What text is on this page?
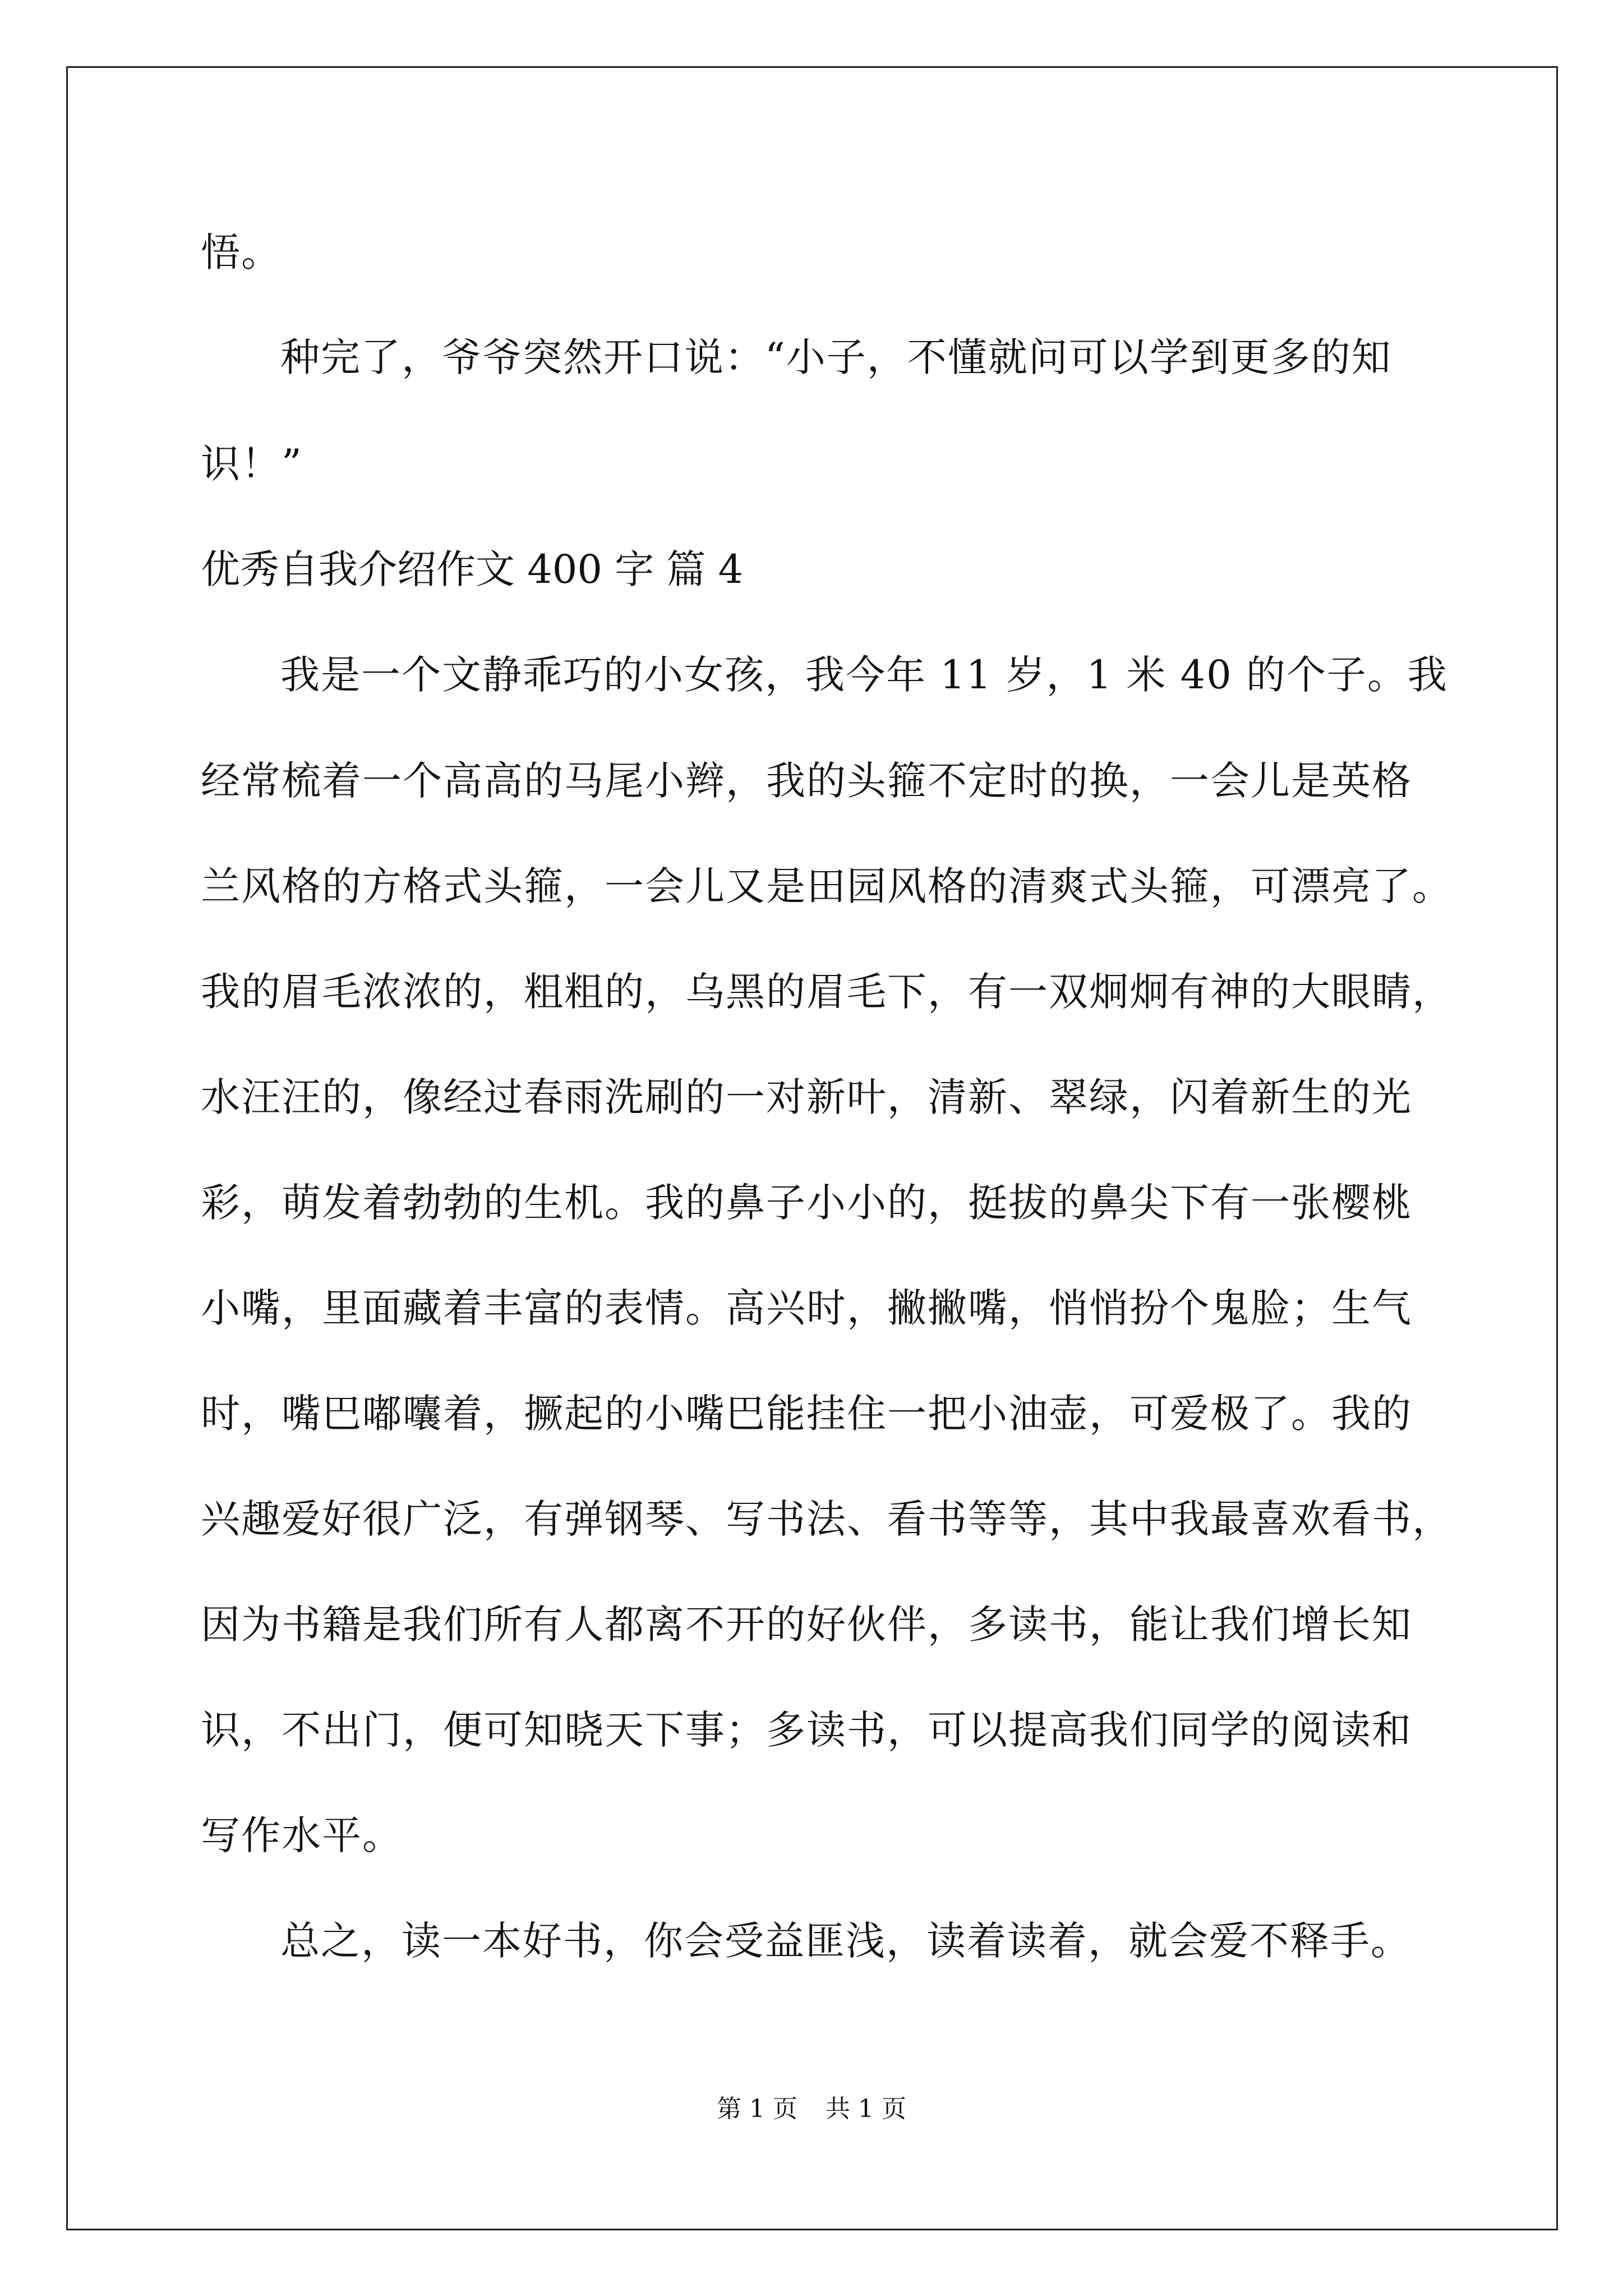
悟。
种完了，爷爷突然开口说：“小子，不懂就问可以学到更多的知
识！”
优秀自我介绍作文 400 字 篇 4
我是一个文静乖巧的小女孩，我今年 11 岁，1 米 40 的个子。我
经常梳着一个高高的马尾小辫，我的头箍不定时的换，一会儿是英格
兰风格的方格式头箍，一会儿又是田园风格的清爽式头箍，可漂亮了。
我的眉毛浓浓的，粗粗的，乌黑的眉毛下，有一双炯炯有神的大眼睛，
水汪汪的，像经过春雨洗刷的一对新叶，清新、翠绿，闪着新生的光
彩，萌发着勃勃的生机。我的鼻子小小的，挺拔的鼻尖下有一张樱桃
小嘴，里面藏着丰富的表情。高兴时，撇撇嘴，悄悄扮个鬼脸；生气
时，嘴巴嘟囔着，撅起的小嘴巴能挂住一把小油壶，可爱极了。我的
兴趣爱好很广泛，有弹钢琴、写书法、看书等等，其中我最喜欢看书，
因为书籍是我们所有人都离不开的好伙伴，多读书，能让我们增长知
识，不出门，便可知晓天下事；多读书，可以提高我们同学的阅读和
写作水平。
总之，读一本好书，你会受益匪浅，读着读着，就会爱不释手。
第 1 页 共 1 页
